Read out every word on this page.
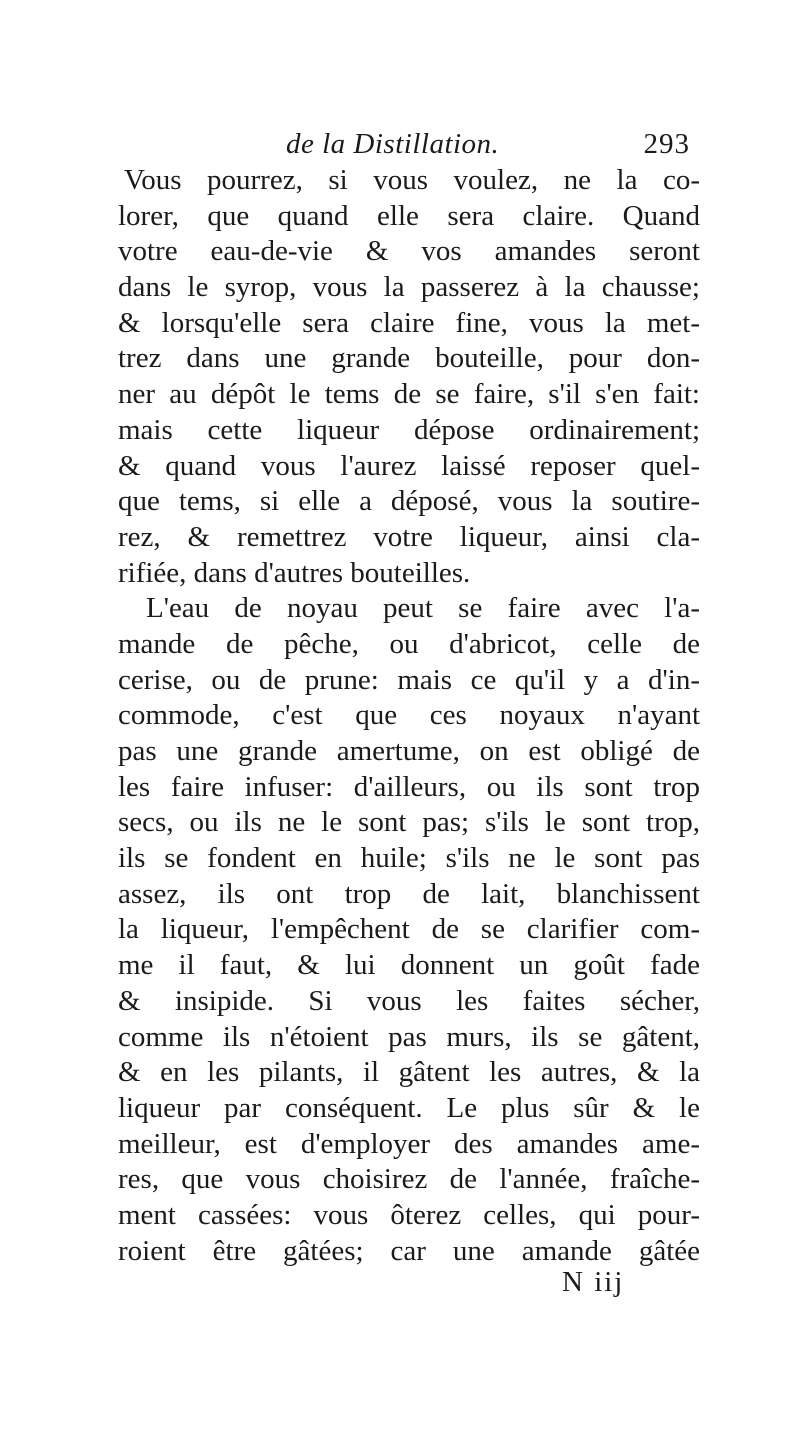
de la Distillation.	293
Vous pourrez, si vous voulez, ne la co-
lorer, que quand elle sera claire. Quand
votre eau-de-vie & vos amandes seront
dans le syrop, vous la passerez à la chausse;
& lorsqu'elle sera claire fine, vous la met-
trez dans une grande bouteille, pour don-
ner au dépôt le tems de se faire, s'il s'en fait:
mais cette liqueur dépose ordinairement;
& quand vous l'aurez laissé reposer quel-
que tems, si elle a déposé, vous la soutire-
rez, & remettrez votre liqueur, ainsi cla-
rifiée, dans d'autres bouteilles.
L'eau de noyau peut se faire avec l'a-
mande de pêche, ou d'abricot, celle de
cerise, ou de prune: mais ce qu'il y a d'in-
commode, c'est que ces noyaux n'ayant
pas une grande amertume, on est obligé de
les faire infuser: d'ailleurs, ou ils sont trop
secs, ou ils ne le sont pas; s'ils le sont trop,
ils se fondent en huile; s'ils ne le sont pas
assez, ils ont trop de lait, blanchissent
la liqueur, l'empêchent de se clarifier com-
me il faut, & lui donnent un goût fade
& insipide. Si vous les faites sécher,
comme ils n'étoient pas murs, ils se gâtent,
& en les pilants, il gâtent les autres, & la
liqueur par conséquent. Le plus sûr & le
meilleur, est d'employer des amandes ame-
res, que vous choisirez de l'année, fraîche-
ment cassées: vous ôterez celles, qui pour-
roient être gâtées; car une amande gâtée
N iij
